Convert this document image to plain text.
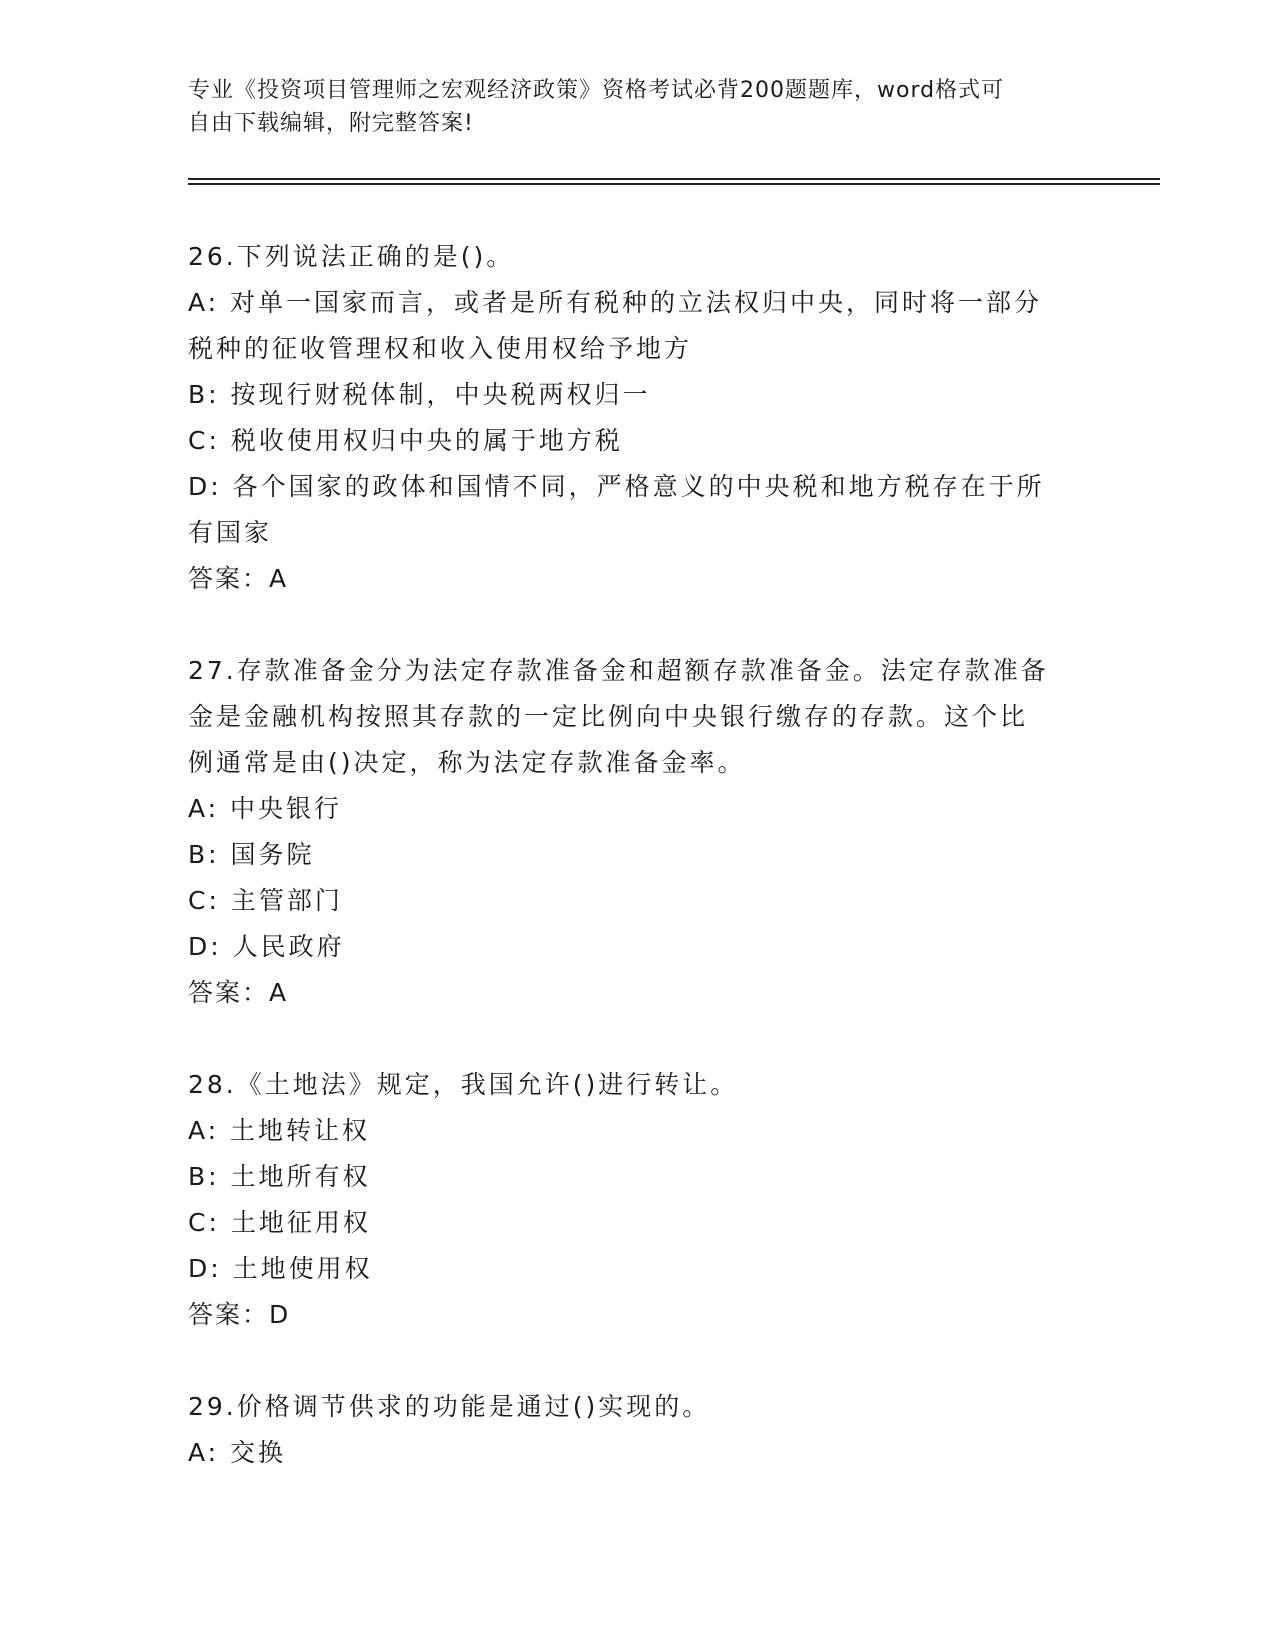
专业《投资项目管理师之宏观经济政策》资格考试必背200题题库，word格式可
自由下载编辑，附完整答案!
26.下列说法正确的是()。
A: 对单一国家而言，或者是所有税种的立法权归中央，同时将一部分
税种的征收管理权和收入使用权给予地方
B: 按现行财税体制，中央税两权归一
C: 税收使用权归中央的属于地方税
D: 各个国家的政体和国情不同，严格意义的中央税和地方税存在于所
有国家
答案：A
27.存款准备金分为法定存款准备金和超额存款准备金。法定存款准备
金是金融机构按照其存款的一定比例向中央银行缴存的存款。这个比
例通常是由()决定，称为法定存款准备金率。
A: 中央银行
B: 国务院
C: 主管部门
D: 人民政府
答案：A
28.《土地法》规定，我国允许()进行转让。
A: 土地转让权
B: 土地所有权
C: 土地征用权
D: 土地使用权
答案：D
29.价格调节供求的功能是通过()实现的。
A: 交换
